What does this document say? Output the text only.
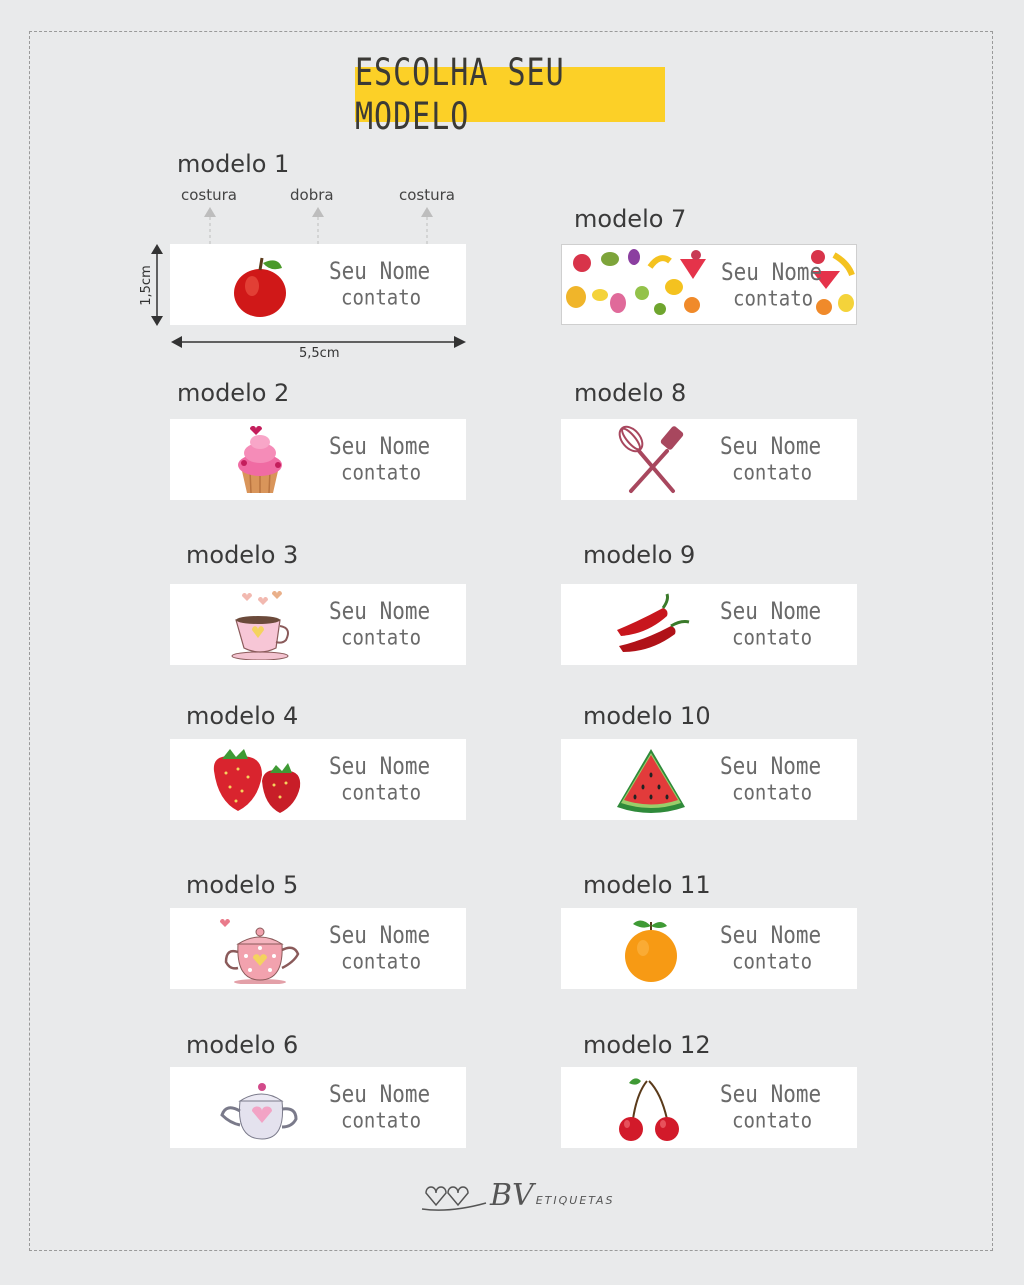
ESCOLHA SEU MODELO
modelo 1
costura	dobra	costura
1,5cm
5,5cm
Seu Nome
contato
modelo 7
Seu Nome
contato
modelo 2
Seu Nome
contato
modelo 8
Seu Nome
contato
modelo 3
Seu Nome
contato
modelo 9
Seu Nome
contato
modelo 4
Seu Nome
contato
modelo 10
Seu Nome
contato
modelo 5
Seu Nome
contato
modelo 11
Seu Nome
contato
modelo 6
Seu Nome
contato
modelo 12
Seu Nome
contato
BV ETIQUETAS
